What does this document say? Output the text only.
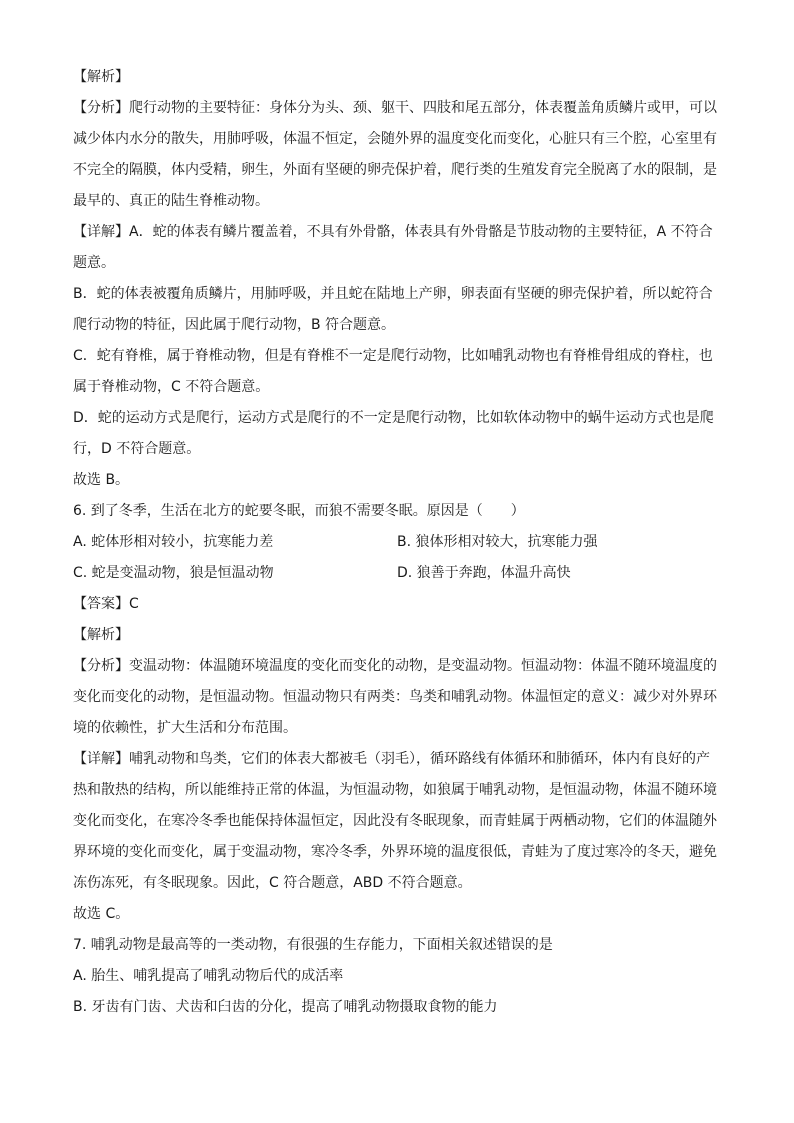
【解析】

【分析】爬行动物的主要特征：身体分为头、颈、躯干、四肢和尾五部分，体表覆盖角质鳞片或甲，可以减少体内水分的散失，用肺呼吸，体温不恒定，会随外界的温度变化而变化，心脏只有三个腔，心室里有不完全的隔膜，体内受精，卵生，外面有坚硬的卵壳保护着，爬行类的生殖发育完全脱离了水的限制，是最早的、真正的陆生脊椎动物。

【详解】A．蛇的体表有鳞片覆盖着，不具有外骨骼，体表具有外骨骼是节肢动物的主要特征，A 不符合题意。

B．蛇的体表被覆角质鳞片，用肺呼吸，并且蛇在陆地上产卵，卵表面有坚硬的卵壳保护着，所以蛇符合爬行动物的特征，因此属于爬行动物，B 符合题意。

C．蛇有脊椎，属于脊椎动物，但是有脊椎不一定是爬行动物，比如哺乳动物也有脊椎骨组成的脊柱，也属于脊椎动物，C 不符合题意。

D．蛇的运动方式是爬行，运动方式是爬行的不一定是爬行动物，比如软体动物中的蜗牛运动方式也是爬行，D 不符合题意。

故选 B。
6. 到了冬季，生活在北方的蛇要冬眠，而狼不需要冬眠。原因是（　　）
A. 蛇体形相对较小，抗寒能力差	B. 狼体形相对较大，抗寒能力强
C. 蛇是变温动物，狼是恒温动物	D. 狼善于奔跑，体温升高快
【答案】C
【解析】

【分析】变温动物：体温随环境温度的变化而变化的动物，是变温动物。恒温动物：体温不随环境温度的变化而变化的动物，是恒温动物。恒温动物只有两类：鸟类和哺乳动物。体温恒定的意义：减少对外界环境的依赖性，扩大生活和分布范围。

【详解】哺乳动物和鸟类，它们的体表大都被毛（羽毛），循环路线有体循环和肺循环，体内有良好的产热和散热的结构，所以能维持正常的体温，为恒温动物，如狼属于哺乳动物，是恒温动物，体温不随环境变化而变化，在寒冷冬季也能保持体温恒定，因此没有冬眠现象，而青蛙属于两栖动物，它们的体温随外界环境的变化而变化，属于变温动物，寒冷冬季，外界环境的温度很低，青蛙为了度过寒冷的冬天，避免冻伤冻死，有冬眠现象。因此，C 符合题意，ABD 不符合题意。

故选 C。
7. 哺乳动物是最高等的一类动物，有很强的生存能力，下面相关叙述错误的是
A. 胎生、哺乳提高了哺乳动物后代的成活率
B. 牙齿有门齿、犬齿和臼齿的分化，提高了哺乳动物摄取食物的能力
